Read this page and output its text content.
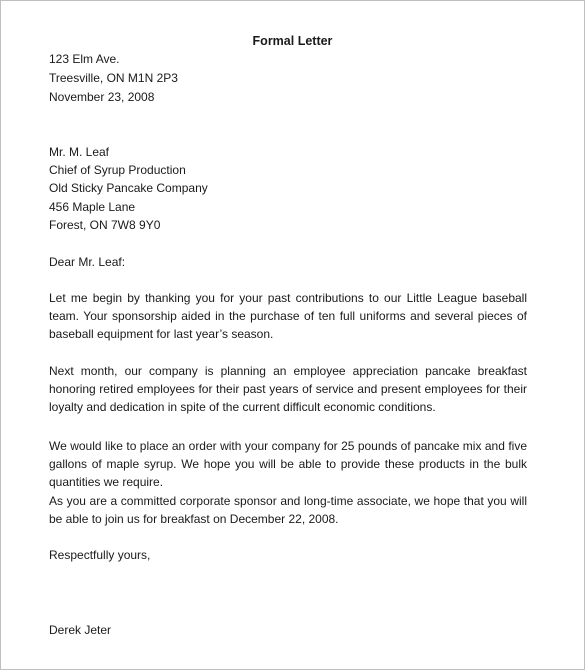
Formal Letter
123 Elm Ave.
Treesville, ON M1N 2P3
November 23, 2008
Mr. M. Leaf
Chief of Syrup Production
Old Sticky Pancake Company
456 Maple Lane
Forest, ON 7W8 9Y0
Dear Mr. Leaf:
Let me begin by thanking you for your past contributions to our Little League baseball team. Your sponsorship aided in the purchase of ten full uniforms and several pieces of baseball equipment for last year’s season.
Next month, our company is planning an employee appreciation pancake breakfast honoring retired employees for their past years of service and present employees for their loyalty and dedication in spite of the current difficult economic conditions.
We would like to place an order with your company for 25 pounds of pancake mix and five gallons of maple syrup. We hope you will be able to provide these products in the bulk quantities we require.
As you are a committed corporate sponsor and long-time associate, we hope that you will be able to join us for breakfast on December 22, 2008.
Respectfully yours,
Derek Jeter
